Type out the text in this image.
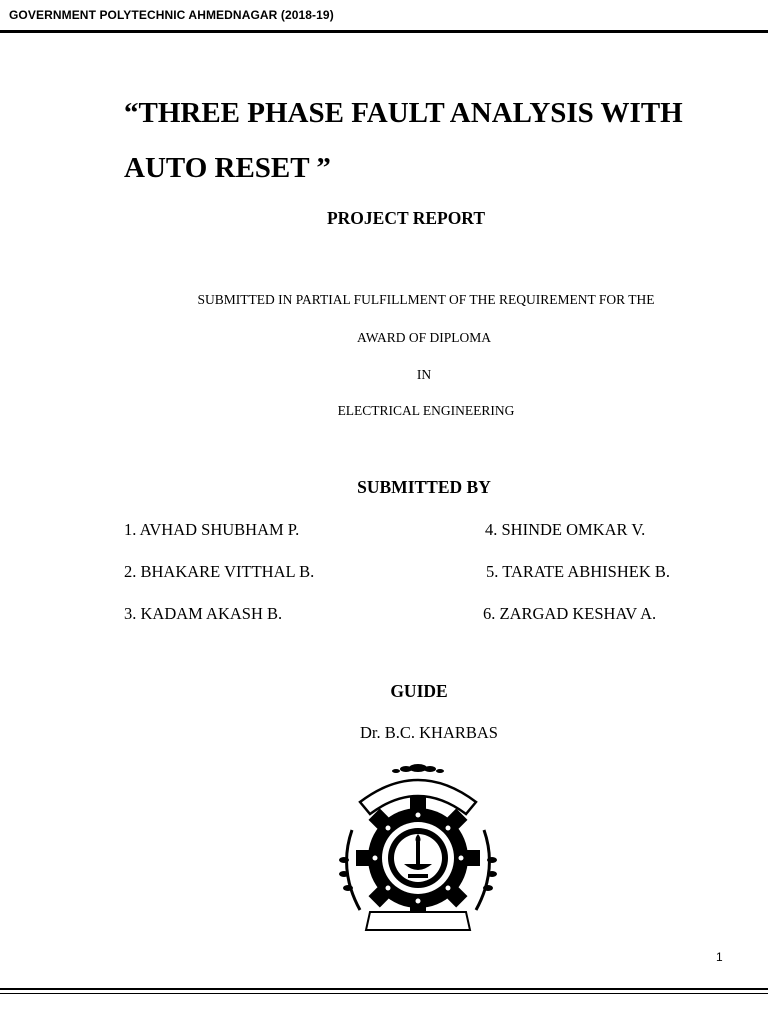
GOVERNMENT POLYTECHNIC AHMEDNAGAR (2018-19)
“THREE PHASE FAULT ANALYSIS WITH
AUTO RESET ”
PROJECT REPORT
SUBMITTED IN PARTIAL FULFILLMENT OF THE REQUIREMENT FOR THE
AWARD OF DIPLOMA
IN
ELECTRICAL ENGINEERING
SUBMITTED BY
1. AVHAD SHUBHAM P.	4. SHINDE OMKAR V.
2. BHAKARE VITTHAL B.	5. TARATE ABHISHEK B.
3. KADAM AKASH B.	6. ZARGAD KESHAV A.
GUIDE
Dr. B.C. KHARBAS
1
